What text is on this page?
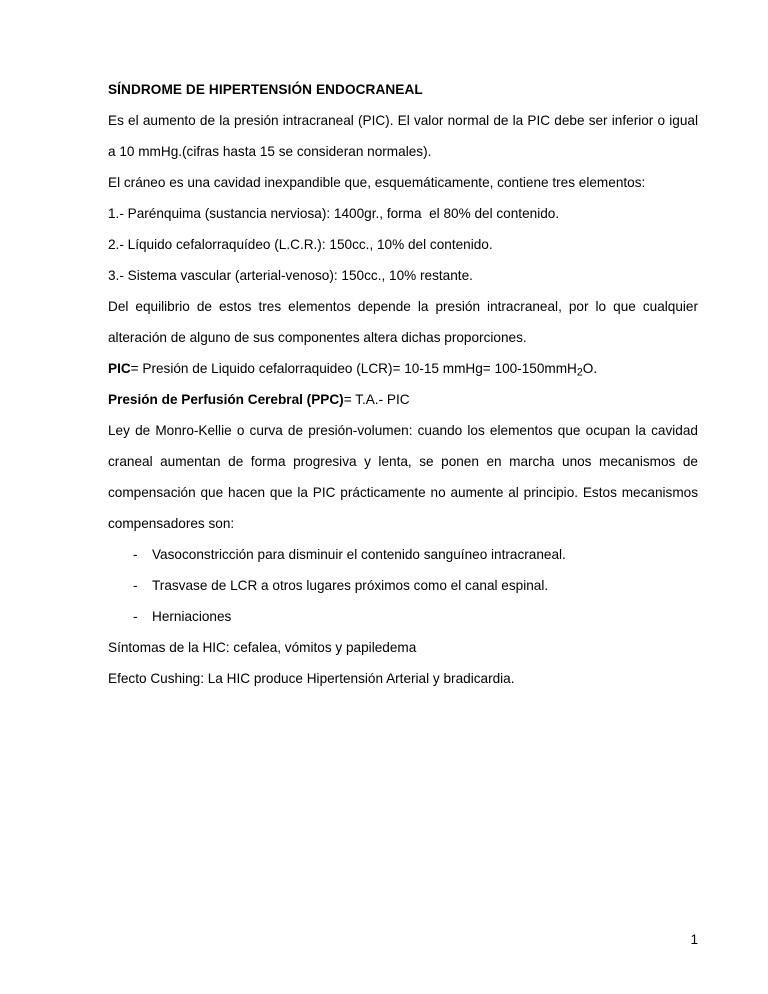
SÍNDROME DE HIPERTENSIÓN ENDOCRANEAL

Es el aumento de la presión intracraneal (PIC). El valor normal de la PIC debe ser inferior o igual a 10 mmHg.(cifras hasta 15 se consideran normales).

El cráneo es una cavidad inexpandible que, esquemáticamente, contiene tres elementos:

1.- Parénquima (sustancia nerviosa): 1400gr., forma  el 80% del contenido.

2.- Líquido cefalorraquídeo (L.C.R.): 150cc., 10% del contenido.

3.- Sistema vascular (arterial-venoso): 150cc., 10% restante.

Del equilibrio de estos tres elementos depende la presión intracraneal, por lo que cualquier alteración de alguno de sus componentes altera dichas proporciones.

PIC= Presión de Liquido cefalorraquideo (LCR)= 10-15 mmHg= 100-150mmH$_2$O.

Presión de Perfusión Cerebral (PPC)= T.A.- PIC

Ley de Monro-Kellie o curva de presión-volumen: cuando los elementos que ocupan la cavidad craneal aumentan de forma progresiva y lenta, se ponen en marcha unos mecanismos de compensación que hacen que la PIC prácticamente no aumente al principio. Estos mecanismos compensadores son:

- Vasoconstricción para disminuir el contenido sanguíneo intracraneal.
- Trasvase de LCR a otros lugares próximos como el canal espinal.
- Herniaciones

Síntomas de la HIC: cefalea, vómitos y papiledema

Efecto Cushing: La HIC produce Hipertensión Arterial y bradicardia.

1
